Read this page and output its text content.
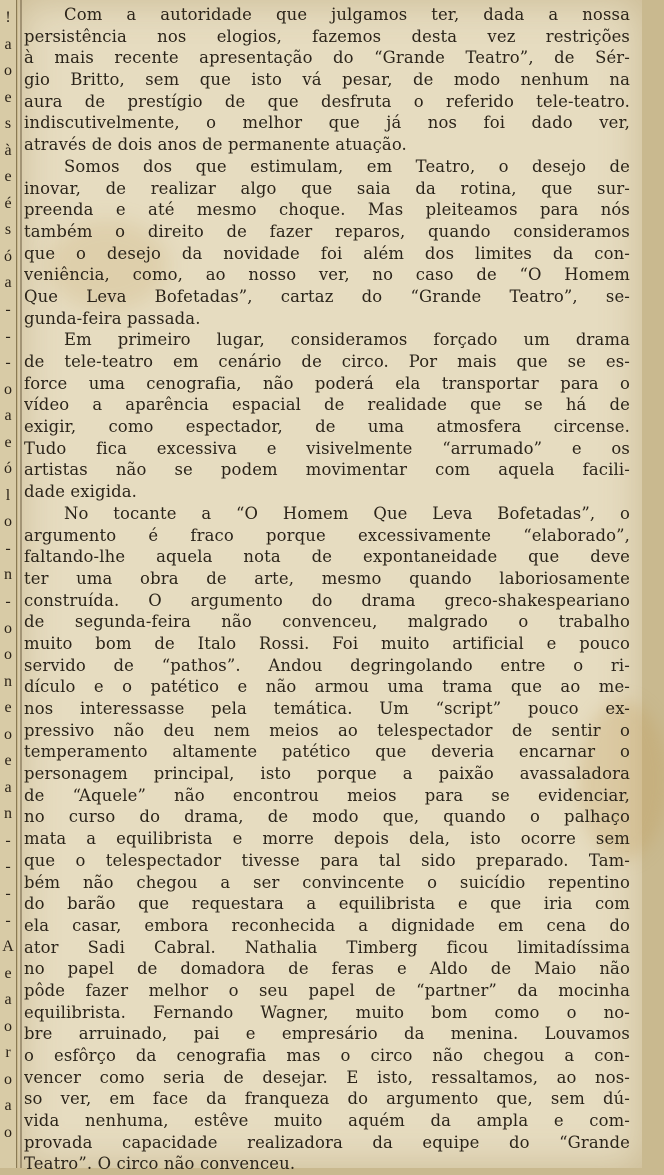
!
a
o
e
s
à
e
é
s
ó
a
-
-
-
o
a
e
ó
l
o
-
n
-
o
o
n
e
o
e
a
n
-
-
-
-
A
e
a
o
r
o
a
o
Com a autoridade que julgamos ter, dada a nossa
persistência nos elogios, fazemos desta vez restrições
à mais recente apresentação do “Grande Teatro”, de Sér-
gio Britto, sem que isto vá pesar, de modo nenhum na
aura de prestígio de que desfruta o referido tele-teatro.
indiscutivelmente, o melhor que já nos foi dado ver,
através de dois anos de permanente atuação.
Somos dos que estimulam, em Teatro, o desejo de
inovar, de realizar algo que saia da rotina, que sur-
preenda e até mesmo choque. Mas pleiteamos para nós
também o direito de fazer reparos, quando consideramos
que o desejo da novidade foi além dos limites da con-
veniência, como, ao nosso ver, no caso de “O Homem
Que Leva Bofetadas”, cartaz do “Grande Teatro”, se-
gunda-feira passada.
Em primeiro lugar, consideramos forçado um drama
de tele-teatro em cenário de circo. Por mais que se es-
force uma cenografia, não poderá ela transportar para o
vídeo a aparência espacial de realidade que se há de
exigir, como espectador, de uma atmosfera circense.
Tudo fica excessiva e visivelmente “arrumado” e os
artistas não se podem movimentar com aquela facili-
dade exigida.
No tocante a “O Homem Que Leva Bofetadas”, o
argumento é fraco porque excessivamente “elaborado”,
faltando-lhe aquela nota de expontaneidade que deve
ter uma obra de arte, mesmo quando laboriosamente
construída. O argumento do drama greco-shakespeariano
de segunda-feira não convenceu, malgrado o trabalho
muito bom de Italo Rossi. Foi muito artificial e pouco
servido de “pathos”. Andou degringolando entre o ri-
dículo e o patético e não armou uma trama que ao me-
nos interessasse pela temática. Um “script” pouco ex-
pressivo não deu nem meios ao telespectador de sentir o
temperamento altamente patético que deveria encarnar o
personagem principal, isto porque a paixão avassaladora
de “Aquele” não encontrou meios para se evidenciar,
no curso do drama, de modo que, quando o palhaço
mata a equilibrista e morre depois dela, isto ocorre sem
que o telespectador tivesse para tal sido preparado. Tam-
bém não chegou a ser convincente o suicídio repentino
do barão que requestara a equilibrista e que iria com
ela casar, embora reconhecida a dignidade em cena do
ator Sadi Cabral. Nathalia Timberg ficou limitadíssima
no papel de domadora de feras e Aldo de Maio não
pôde fazer melhor o seu papel de “partner” da mocinha
equilibrista. Fernando Wagner, muito bom como o no-
bre arruinado, pai e empresário da menina. Louvamos
o esfôrço da cenografia mas o circo não chegou a con-
vencer como seria de desejar. E isto, ressaltamos, ao nos-
so ver, em face da franqueza do argumento que, sem dú-
vida nenhuma, estêve muito aquém da ampla e com-
provada capacidade realizadora da equipe do “Grande
Teatro”. O circo não convenceu.
